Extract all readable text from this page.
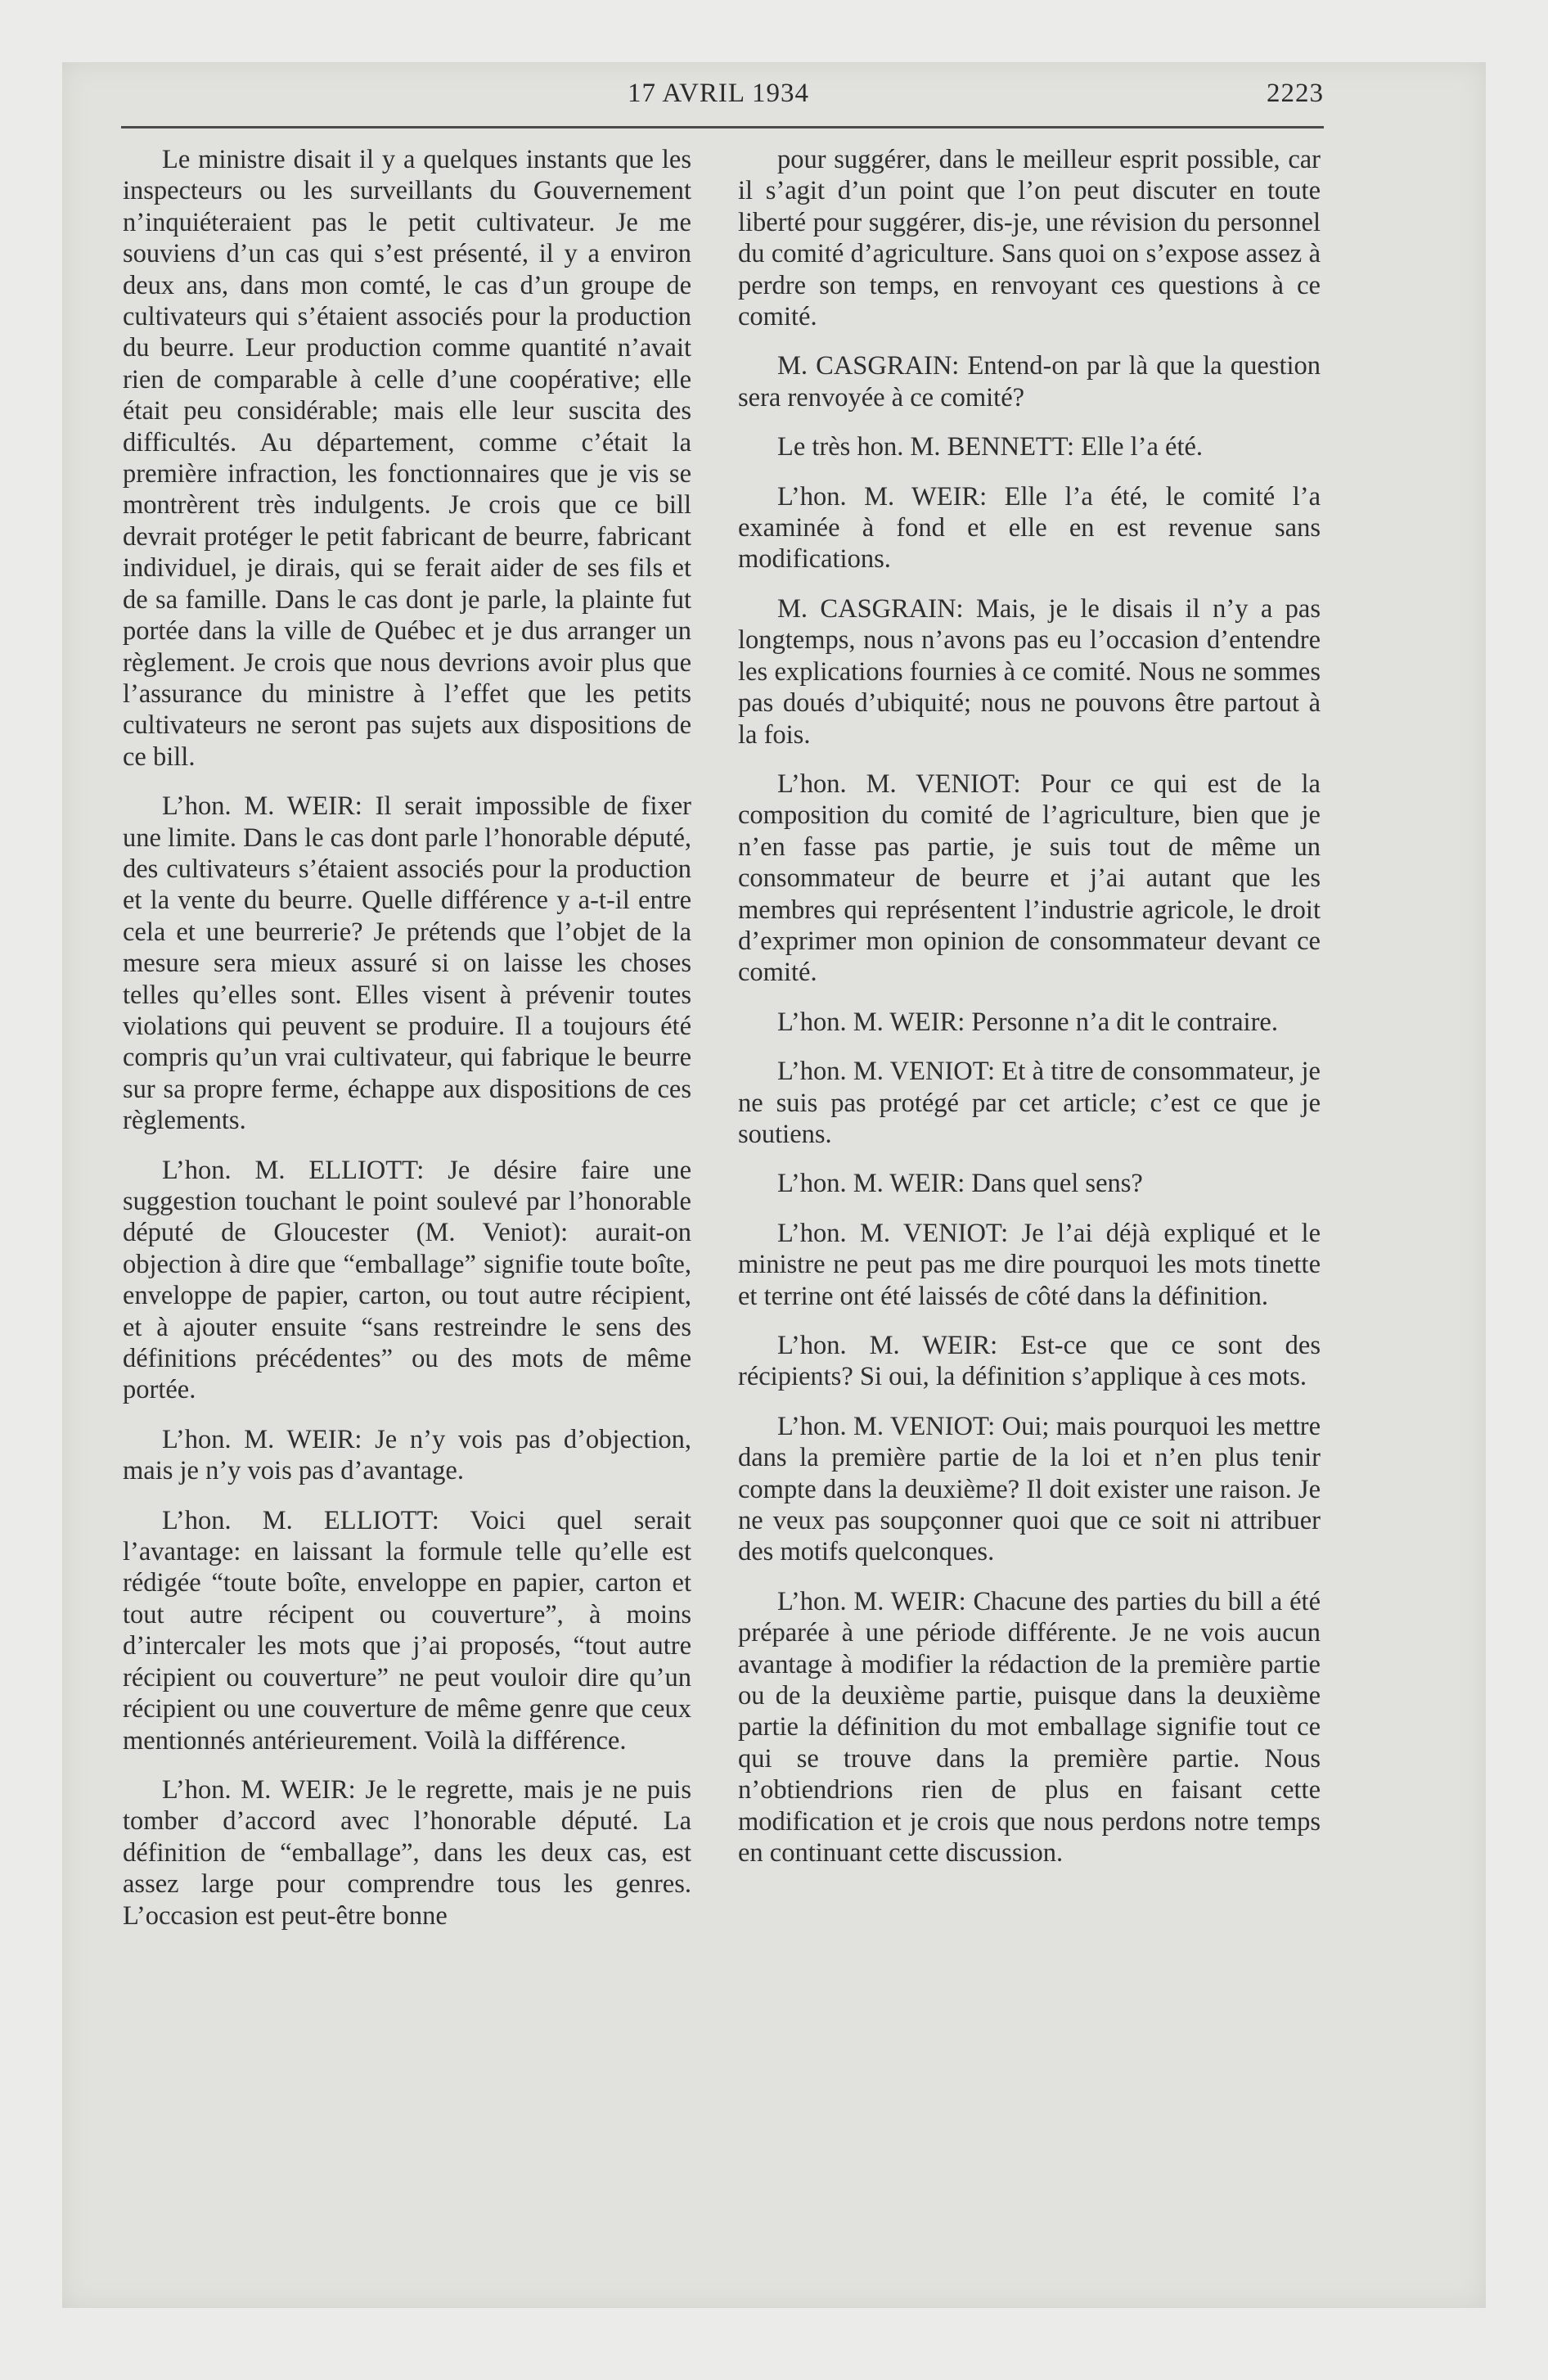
17 AVRIL 1934	2223

Le ministre disait il y a quelques instants que les inspecteurs ou les surveillants du Gouvernement n’inquiéteraient pas le petit cultivateur. Je me souviens d’un cas qui s’est présenté, il y a environ deux ans, dans mon comté, le cas d’un groupe de cultivateurs qui s’étaient associés pour la production du beurre. Leur production comme quantité n’avait rien de comparable à celle d’une coopérative; elle était peu considérable; mais elle leur suscita des difficultés. Au département, comme c’était la première infraction, les fonctionnaires que je vis se montrèrent très indulgents. Je crois que ce bill devrait protéger le petit fabricant de beurre, fabricant individuel, je dirais, qui se ferait aider de ses fils et de sa famille. Dans le cas dont je parle, la plainte fut portée dans la ville de Québec et je dus arranger un règlement. Je crois que nous devrions avoir plus que l’assurance du ministre à l’effet que les petits cultivateurs ne seront pas sujets aux dispositions de ce bill.

L’hon. M. WEIR: Il serait impossible de fixer une limite. Dans le cas dont parle l’honorable député, des cultivateurs s’étaient associés pour la production et la vente du beurre. Quelle différence y a-t-il entre cela et une beurrerie? Je prétends que l’objet de la mesure sera mieux assuré si on laisse les choses telles qu’elles sont. Elles visent à prévenir toutes violations qui peuvent se produire. Il a toujours été compris qu’un vrai cultivateur, qui fabrique le beurre sur sa propre ferme, échappe aux dispositions de ces règlements.

L’hon. M. ELLIOTT: Je désire faire une suggestion touchant le point soulevé par l’honorable député de Gloucester (M. Veniot): aurait-on objection à dire que “emballage” signifie toute boîte, enveloppe de papier, carton, ou tout autre récipient, et à ajouter ensuite “sans restreindre le sens des définitions précédentes” ou des mots de même portée.

L’hon. M. WEIR: Je n’y vois pas d’objection, mais je n’y vois pas d’avantage.

L’hon. M. ELLIOTT: Voici quel serait l’avantage: en laissant la formule telle qu’elle est rédigée “toute boîte, enveloppe en papier, carton et tout autre récipent ou couverture”, à moins d’intercaler les mots que j’ai proposés, “tout autre récipient ou couverture” ne peut vouloir dire qu’un récipient ou une couverture de même genre que ceux mentionnés antérieurement. Voilà la différence.

L’hon. M. WEIR: Je le regrette, mais je ne puis tomber d’accord avec l’honorable député. La définition de “emballage”, dans les deux cas, est assez large pour comprendre tous les genres. L’occasion est peut-être bonne

pour suggérer, dans le meilleur esprit possible, car il s’agit d’un point que l’on peut discuter en toute liberté pour suggérer, dis-je, une révision du personnel du comité d’agriculture. Sans quoi on s’expose assez à perdre son temps, en renvoyant ces questions à ce comité.

M. CASGRAIN: Entend-on par là que la question sera renvoyée à ce comité?

Le très hon. M. BENNETT: Elle l’a été.

L’hon. M. WEIR: Elle l’a été, le comité l’a examinée à fond et elle en est revenue sans modifications.

M. CASGRAIN: Mais, je le disais il n’y a pas longtemps, nous n’avons pas eu l’occasion d’entendre les explications fournies à ce comité. Nous ne sommes pas doués d’ubiquité; nous ne pouvons être partout à la fois.

L’hon. M. VENIOT: Pour ce qui est de la composition du comité de l’agriculture, bien que je n’en fasse pas partie, je suis tout de même un consommateur de beurre et j’ai autant que les membres qui représentent l’industrie agricole, le droit d’exprimer mon opinion de consommateur devant ce comité.

L’hon. M. WEIR: Personne n’a dit le contraire.

L’hon. M. VENIOT: Et à titre de consommateur, je ne suis pas protégé par cet article; c’est ce que je soutiens.

L’hon. M. WEIR: Dans quel sens?

L’hon. M. VENIOT: Je l’ai déjà expliqué et le ministre ne peut pas me dire pourquoi les mots tinette et terrine ont été laissés de côté dans la définition.

L’hon. M. WEIR: Est-ce que ce sont des récipients? Si oui, la définition s’applique à ces mots.

L’hon. M. VENIOT: Oui; mais pourquoi les mettre dans la première partie de la loi et n’en plus tenir compte dans la deuxième? Il doit exister une raison. Je ne veux pas soupçonner quoi que ce soit ni attribuer des motifs quelconques.

L’hon. M. WEIR: Chacune des parties du bill a été préparée à une période différente. Je ne vois aucun avantage à modifier la rédaction de la première partie ou de la deuxième partie, puisque dans la deuxième partie la définition du mot emballage signifie tout ce qui se trouve dans la première partie. Nous n’obtiendrions rien de plus en faisant cette modification et je crois que nous perdons notre temps en continuant cette discussion.
